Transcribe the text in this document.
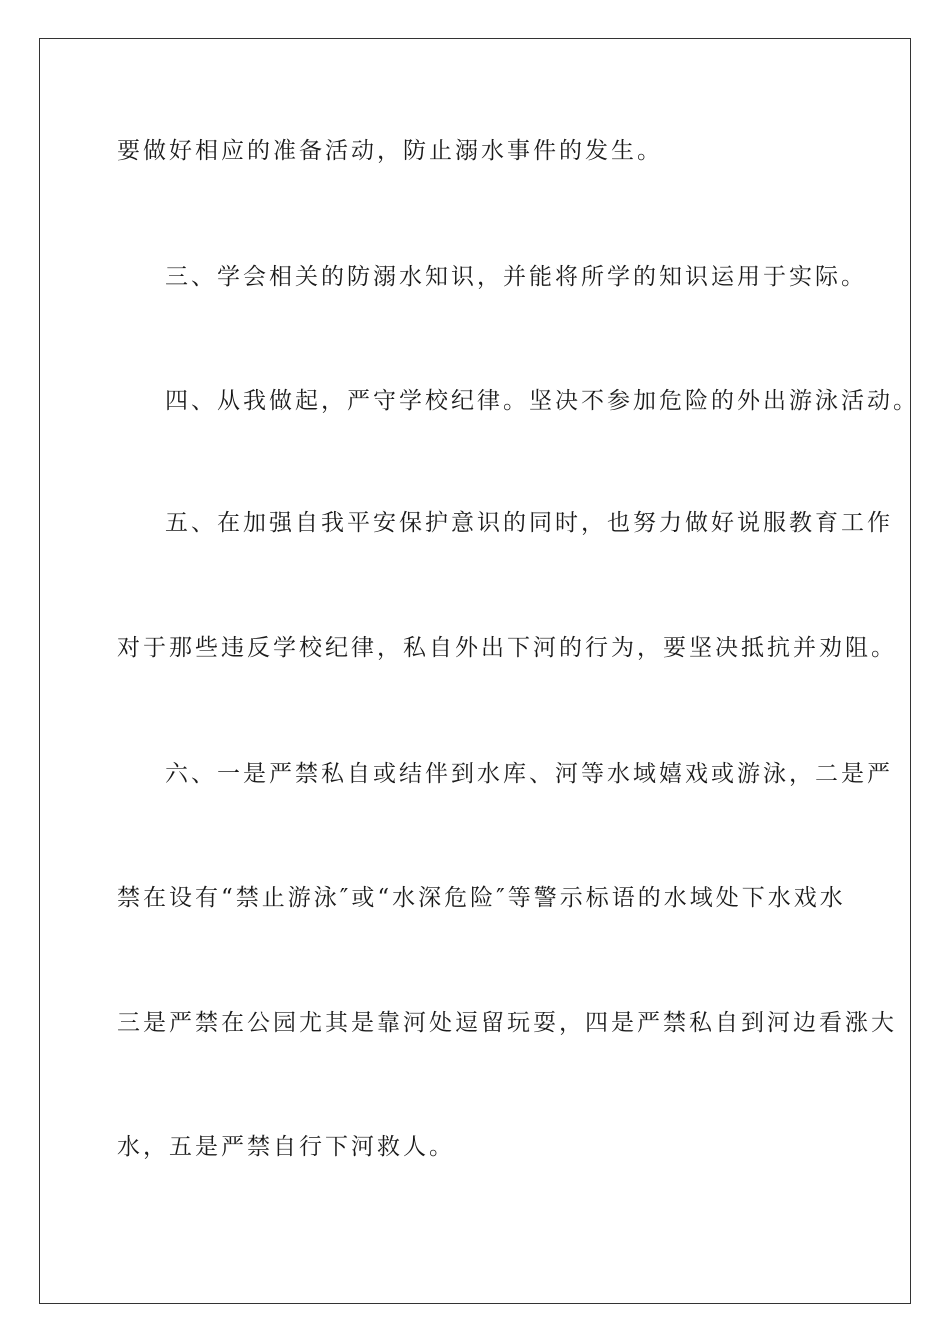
要做好相应的准备活动，防止溺水事件的发生。
三、学会相关的防溺水知识，并能将所学的知识运用于实际。
四、从我做起，严守学校纪律。坚决不参加危险的外出游泳活动。
五、在加强自我平安保护意识的同时，也努力做好说服教育工作
对于那些违反学校纪律，私自外出下河的行为，要坚决抵抗并劝阻。
六、一是严禁私自或结伴到水库、河等水域嬉戏或游泳，二是严
禁在设有“禁止游泳″或“水深危险″等警示标语的水域处下水戏水
三是严禁在公园尤其是靠河处逗留玩耍，四是严禁私自到河边看涨大
水，五是严禁自行下河救人。
